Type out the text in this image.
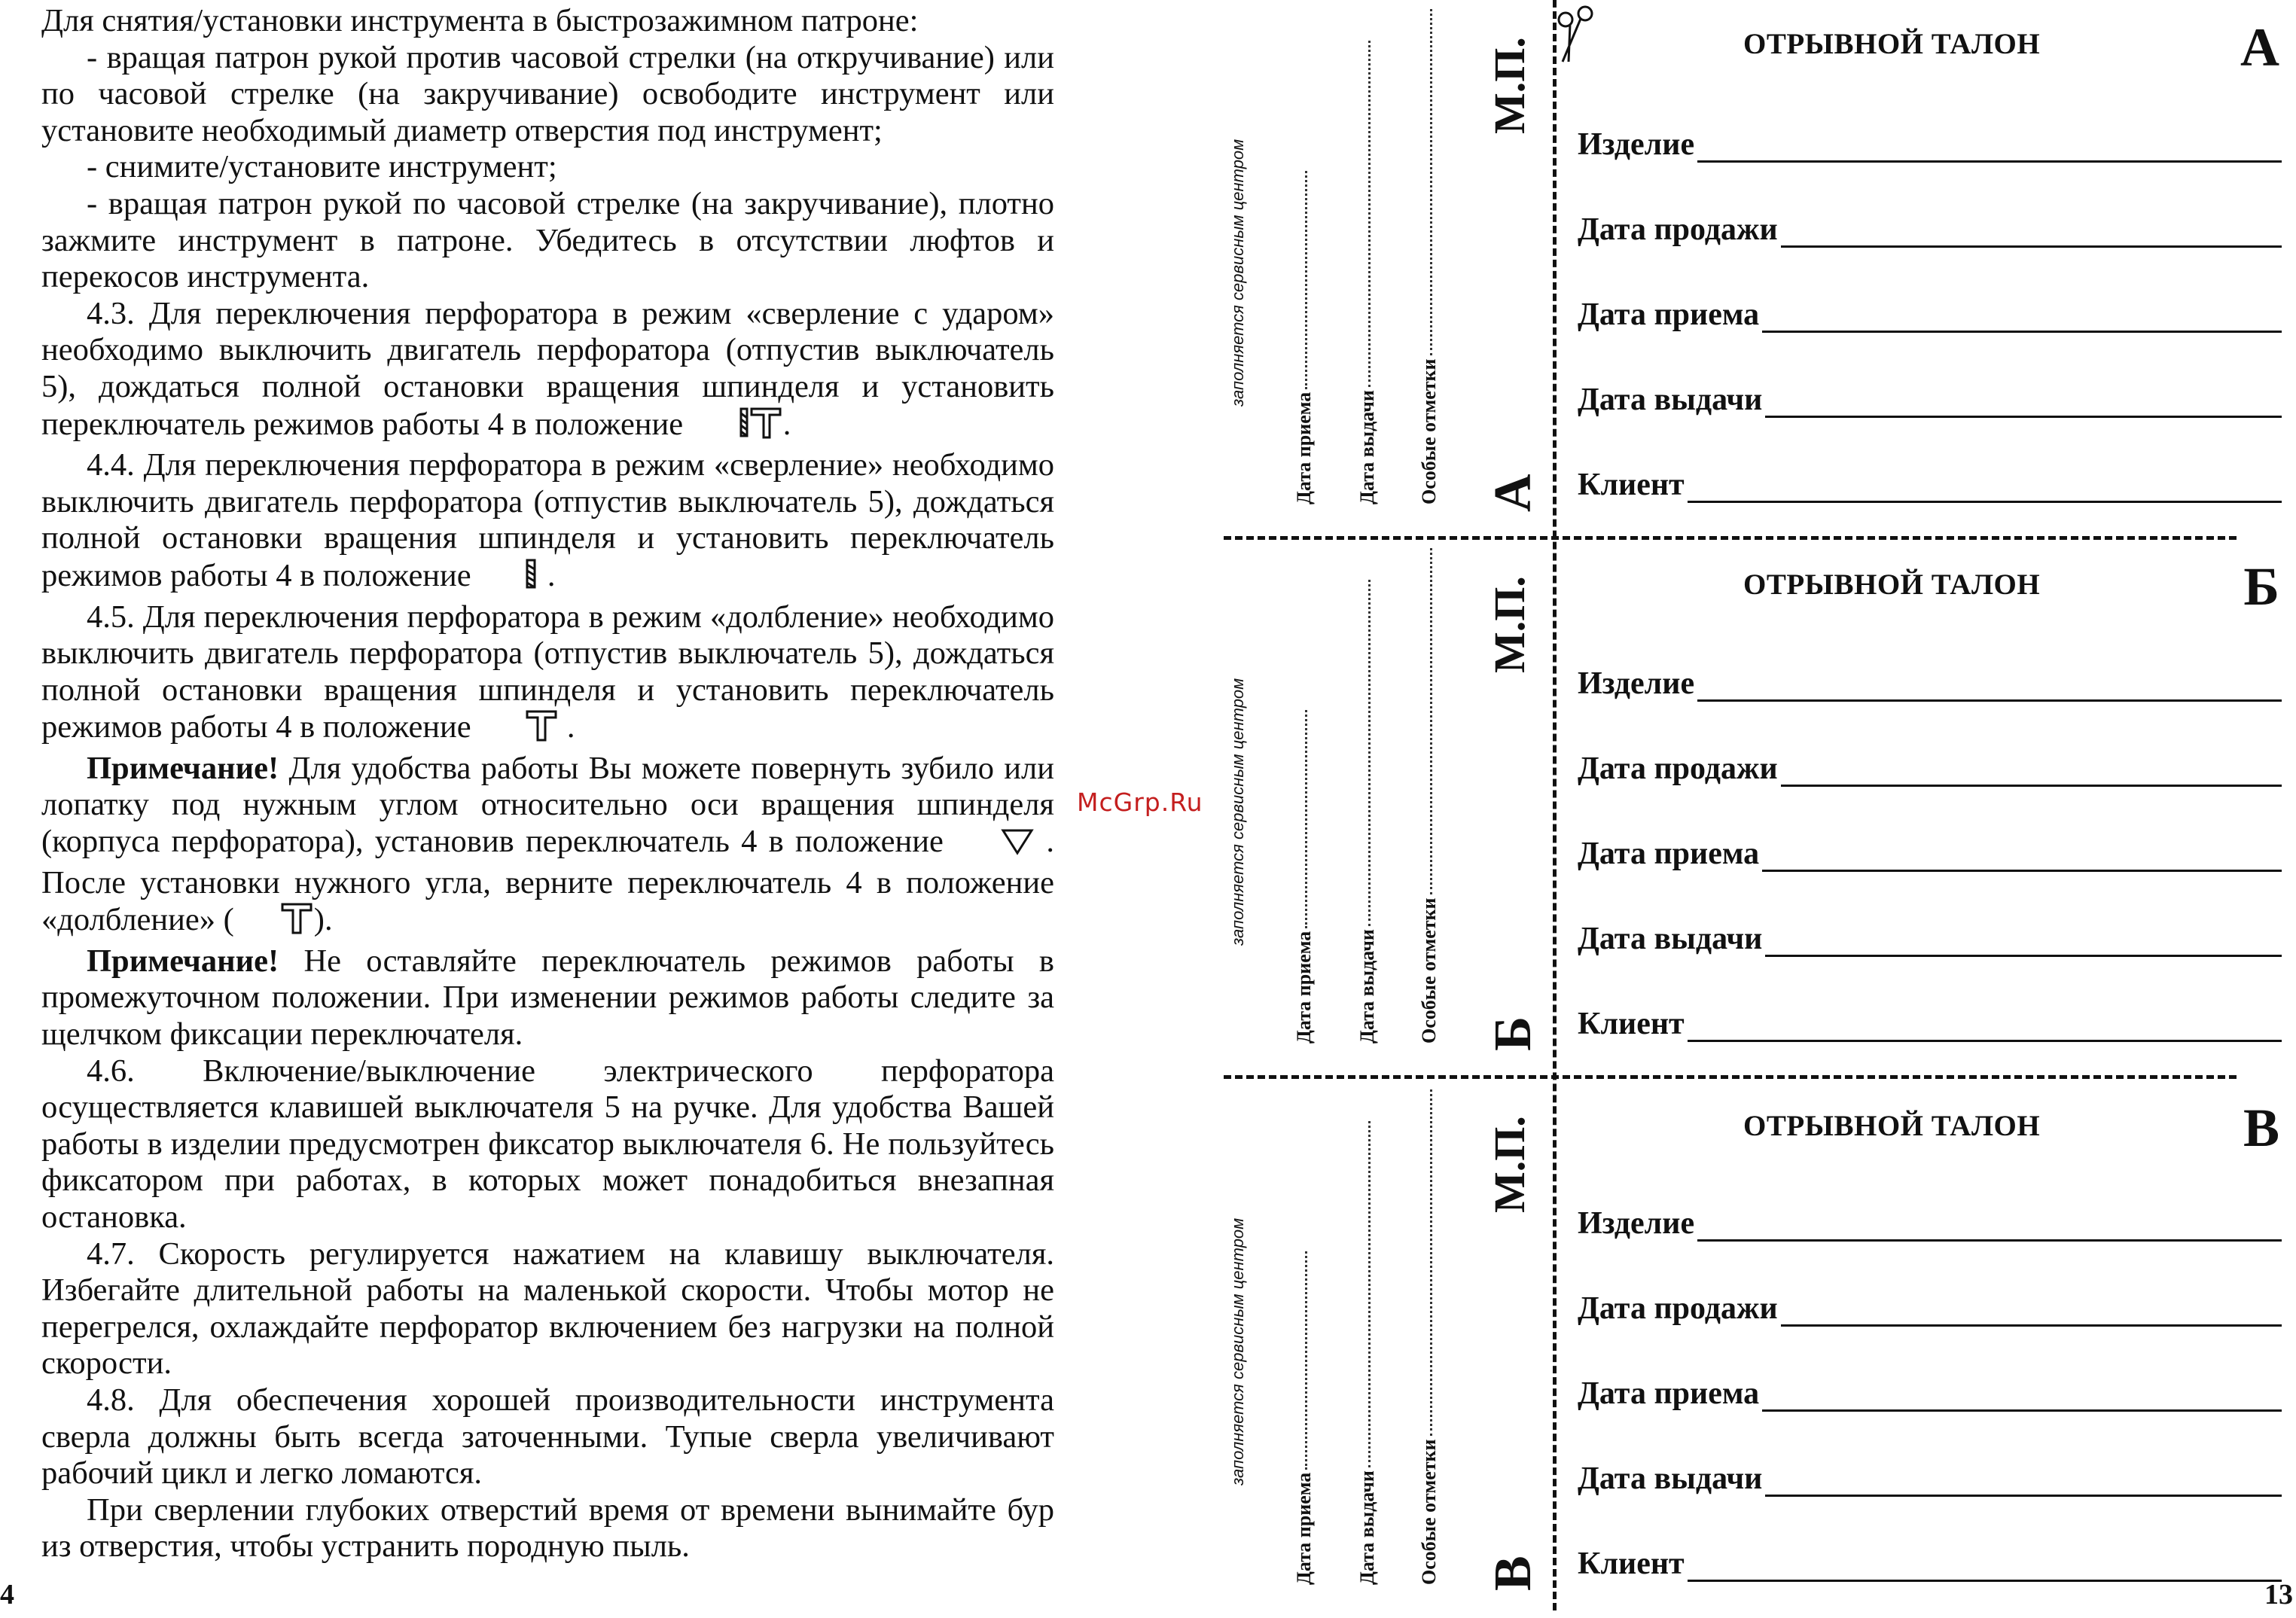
Для снятия/установки инструмента в быстрозажимном патроне:

- вращая патрон рукой против часовой стрелки (на откручивание) или по часовой стрелке (на закручивание) освободите инструмент или установите необходимый диаметр отверстия под инструмент;

- снимите/установите инструмент;

- вращая патрон рукой по часовой стрелке (на закручивание), плотно зажмите инструмент в патроне. Убедитесь в отсутствии люфтов и перекосов инструмента.

4.3. Для переключения перфоратора в режим «сверление с ударом» необходимо выключить двигатель перфоратора (отпустив выключатель 5), дождаться полной остановки вращения шпинделя и установить переключатель режимов работы 4 в положение	.

4.4. Для переключения перфоратора в режим «сверление» необходимо выключить двигатель перфоратора (отпустив выключатель 5), дождаться полной остановки вращения шпинделя и установить переключатель режимов работы 4 в положение  .

4.5. Для переключения перфоратора в режим «долбление» необходимо выключить двигатель перфоратора (отпустив выключатель 5), дождаться полной остановки вращения шпинделя и установить переключатель режимов работы 4 в положение	.

Примечание! Для удобства работы Вы можете повернуть зубило или лопатку под нужным углом относительно оси вращения шпинделя (корпуса перфоратора), установив переключатель 4 в положение	. После установки нужного угла, верните переключатель 4 в положение «долбление» ( ).

Примечание! Не оставляйте переключатель режимов работы в промежуточном положении. При изменении режимов работы следите за щелчком фиксации переключателя.

4.6. Включение/выключение электрического перфоратора осуществляется клавишей выключателя 5 на ручке. Для удобства Вашей работы в изделии предусмотрен фиксатор выключателя 6. Не пользуйтесь фиксатором при работах, в которых может понадобиться внезапная остановка.

4.7. Скорость регулируется нажатием на клавишу выключателя. Избегайте длительной работы на маленькой скорости. Чтобы мотор не перегрелся, охлаждайте перфоратор включением без нагрузки на полной скорости.

4.8. Для обеспечения хорошей производительности инструмента сверла должны быть всегда заточенными. Тупые сверла увеличивают рабочий цикл и легко ломаются.

При сверлении глубоких отверстий время от времени вынимайте бур из отверстия, чтобы устранить породную пыль.

4
McGrp.Ru
заполняется сервисным центром
Дата приема Дата выдачи Особые отметки
М.П.
А
ОТРЫВНОЙ ТАЛОН	А
Изделие
Дата продажи
Дата приема
Дата выдачи
Клиент
заполняется сервисным центром
Дата приема Дата выдачи Особые отметки
М.П.
Б
ОТРЫВНОЙ ТАЛОН	Б
Изделие
Дата продажи
Дата приема
Дата выдачи
Клиент
заполняется сервисным центром
Дата приема Дата выдачи Особые отметки
М.П.
В
ОТРЫВНОЙ ТАЛОН	В
Изделие
Дата продажи
Дата приема
Дата выдачи
Клиент
13
